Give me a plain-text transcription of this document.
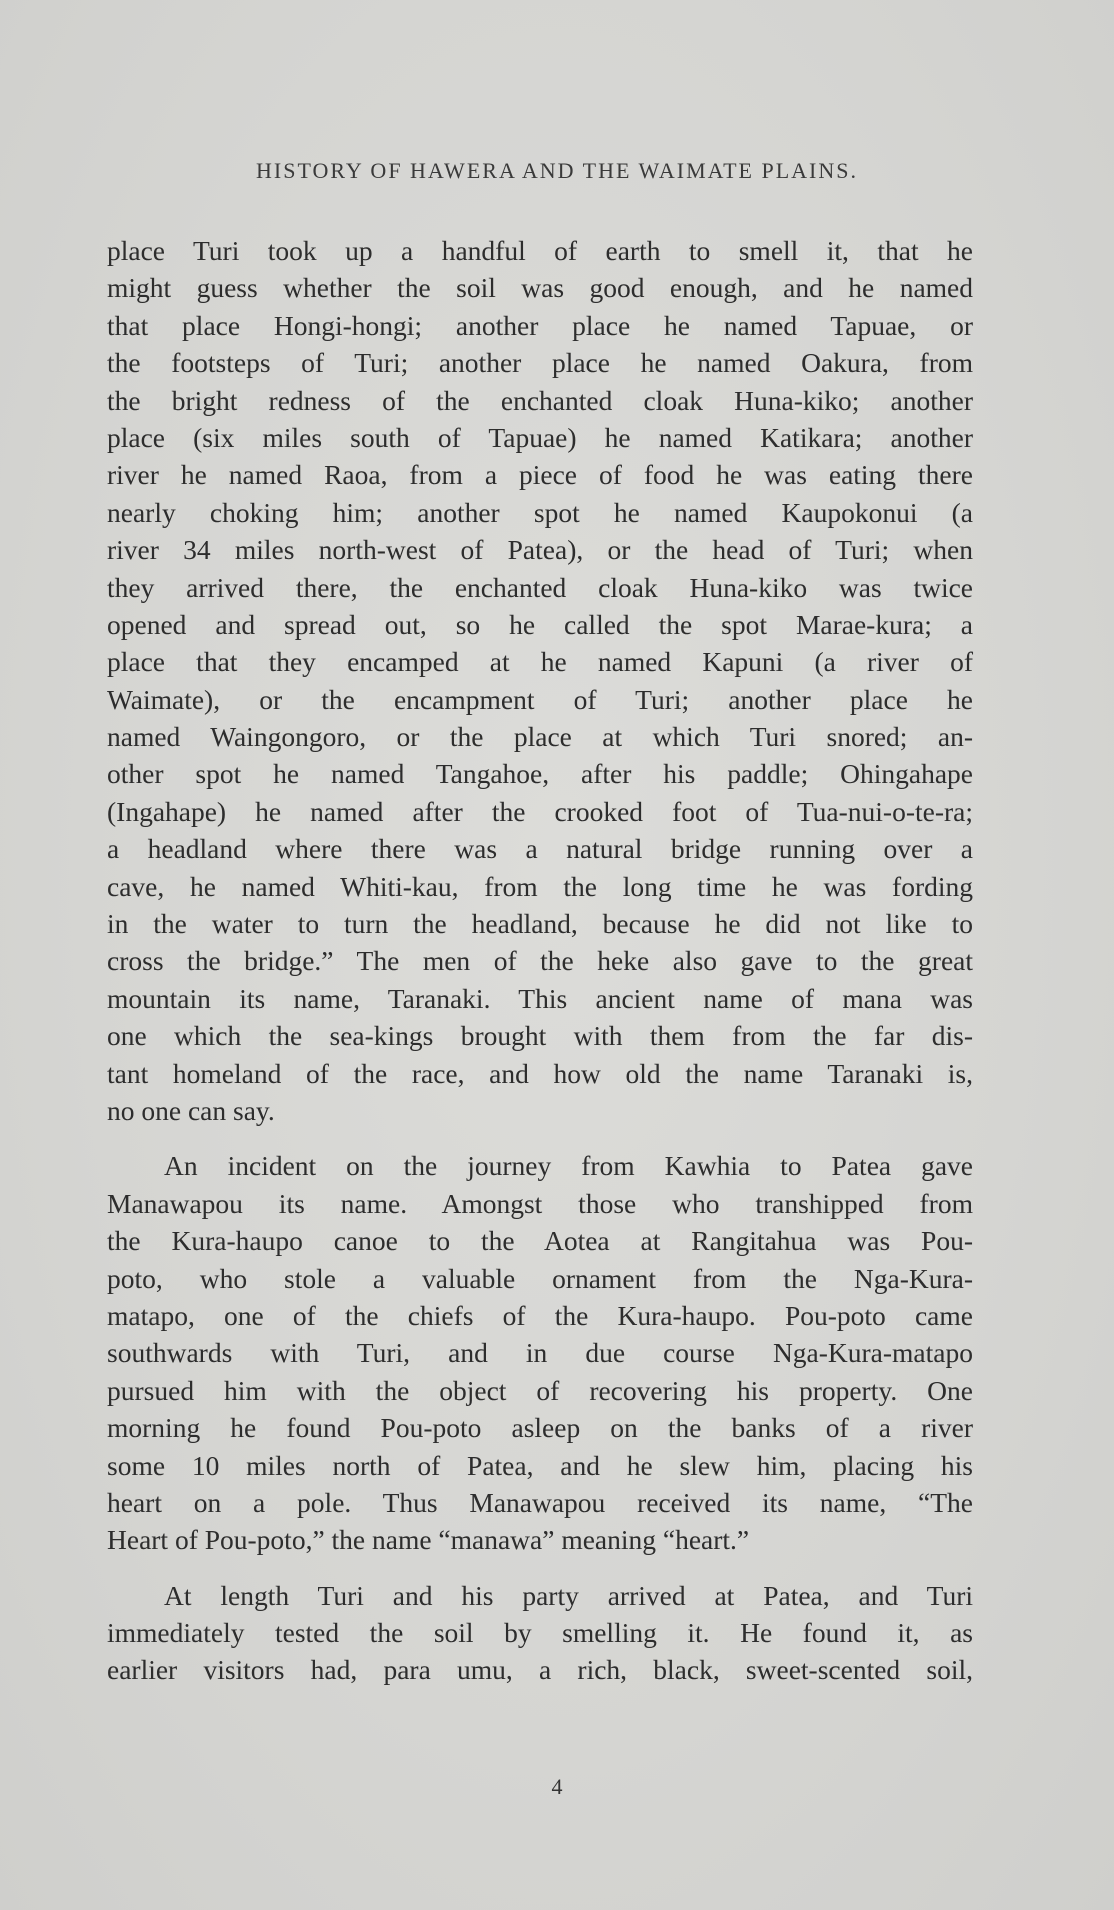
HISTORY OF HAWERA AND THE WAIMATE PLAINS.
place Turi took up a handful of earth to smell it, that he
might guess whether the soil was good enough, and he named
that place Hongi-hongi; another place he named Tapuae, or
the footsteps of Turi; another place he named Oakura, from
the bright redness of the enchanted cloak Huna-kiko; another
place (six miles south of Tapuae) he named Katikara; another
river he named Raoa, from a piece of food he was eating there
nearly choking him; another spot he named Kaupokonui (a
river 34 miles north-west of Patea), or the head of Turi; when
they arrived there, the enchanted cloak Huna-kiko was twice
opened and spread out, so he called the spot Marae-kura; a
place that they encamped at he named Kapuni (a river of
Waimate), or the encampment of Turi; another place he
named Waingongoro, or the place at which Turi snored; an-
other spot he named Tangahoe, after his paddle; Ohingahape
(Ingahape) he named after the crooked foot of Tua-nui-o-te-ra;
a headland where there was a natural bridge running over a
cave, he named Whiti-kau, from the long time he was fording
in the water to turn the headland, because he did not like to
cross the bridge.” The men of the heke also gave to the great
mountain its name, Taranaki. This ancient name of mana was
one which the sea-kings brought with them from the far dis-
tant homeland of the race, and how old the name Taranaki is,
no one can say.
An incident on the journey from Kawhia to Patea gave
Manawapou its name. Amongst those who transhipped from
the Kura-haupo canoe to the Aotea at Rangitahua was Pou-
poto, who stole a valuable ornament from the Nga-Kura-
matapo, one of the chiefs of the Kura-haupo. Pou-poto came
southwards with Turi, and in due course Nga-Kura-matapo
pursued him with the object of recovering his property. One
morning he found Pou-poto asleep on the banks of a river
some 10 miles north of Patea, and he slew him, placing his
heart on a pole. Thus Manawapou received its name, “The
Heart of Pou-poto,” the name “manawa” meaning “heart.”
At length Turi and his party arrived at Patea, and Turi
immediately tested the soil by smelling it. He found it, as
earlier visitors had, para umu, a rich, black, sweet-scented soil,
4
